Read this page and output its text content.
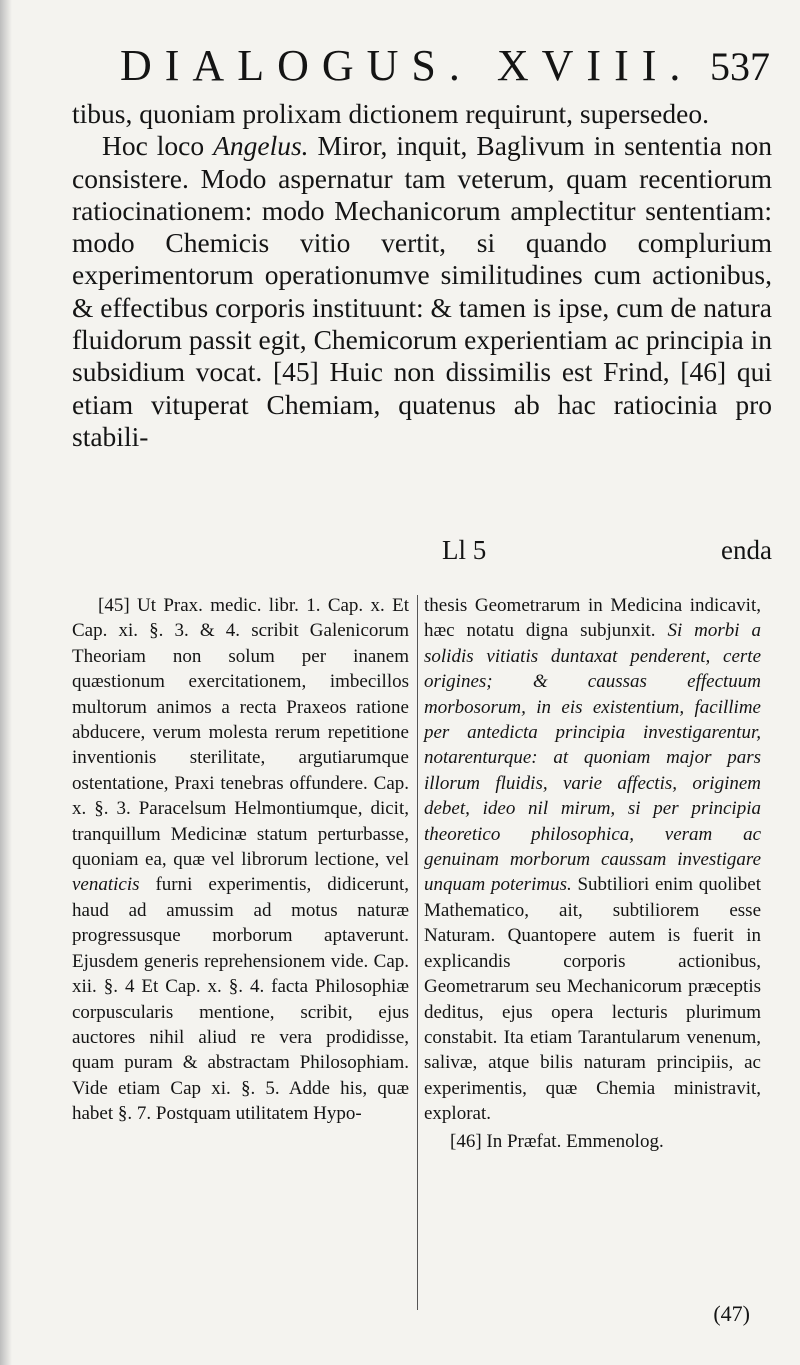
DIALOGUS. XVIII. 537

tibus, quoniam prolixam dictionem requirunt, supersedeo.

Hoc loco Angelus. Miror, inquit, Baglivum in sententia non consistere. Modo aspernatur tam veterum, quam recentiorum ratiocinationem: modo Mechanicorum amplectitur sententiam: modo Chemicis vitio vertit, si quando complurium experimentorum operationumve similitudines cum actionibus, & effectibus corporis instituunt: & tamen is ipse, cum de natura fluidorum passit egit, Chemicorum experientiam ac principia in subsidium vocat. [45] Huic non dissimilis est Frind, [46] qui etiam vituperat Chemiam, quatenus ab hac ratiocinia pro stabili-

Ll 5	enda

[45] Ut Prax. medic. libr. 1. Cap. x. Et Cap. xi. §. 3. & 4. scribit Galenicorum Theoriam non solum per inanem quæstionum exercitationem, imbecillos multorum animos a recta Praxeos ratione abducere, verum molesta rerum repetitione inventionis sterilitate, argutiarumque ostentatione, Praxi tenebras offundere. Cap. x. §. 3. Paracelsum Helmontiumque, dicit, tranquillum Medicinæ statum perturbasse, quoniam ea, quæ vel librorum lectione, vel venaticis furni experimentis, didicerunt, haud ad amussim ad motus naturæ progressusque morborum aptaverunt. Ejusdem generis reprehensionem vide. Cap. xii. §. 4 Et Cap. x. §. 4. facta Philosophiæ corpuscularis mentione, scribit, ejus auctores nihil aliud re vera prodidisse, quam puram & abstractam Philosophiam. Vide etiam Cap xi. §. 5. Adde his, quæ habet §. 7. Postquam utilitatem Hypo-

thesis Geometrarum in Medicina indicavit, hæc notatu digna subjunxit. Si morbi a solidis vitiatis duntaxat penderent, certe origines; & caussas effectuum morbosorum, in eis existentium, facillime per antedicta principia investigarentur, notarenturque: at quoniam major pars illorum fluidis, varie affectis, originem debet, ideo nil mirum, si per principia theoretico philosophica, veram ac genuinam morborum caussam investigare unquam poterimus. Subtiliori enim quolibet Mathematico, ait, subtiliorem esse Naturam. Quantopere autem is fuerit in explicandis corporis actionibus, Geometrarum seu Mechanicorum præceptis deditus, ejus opera lecturis plurimum constabit. Ita etiam Tarantularum venenum, salivæ, atque bilis naturam principiis, ac experimentis, quæ Chemia ministravit, explorat.

[46] In Præfat. Emmenolog.

(47)
